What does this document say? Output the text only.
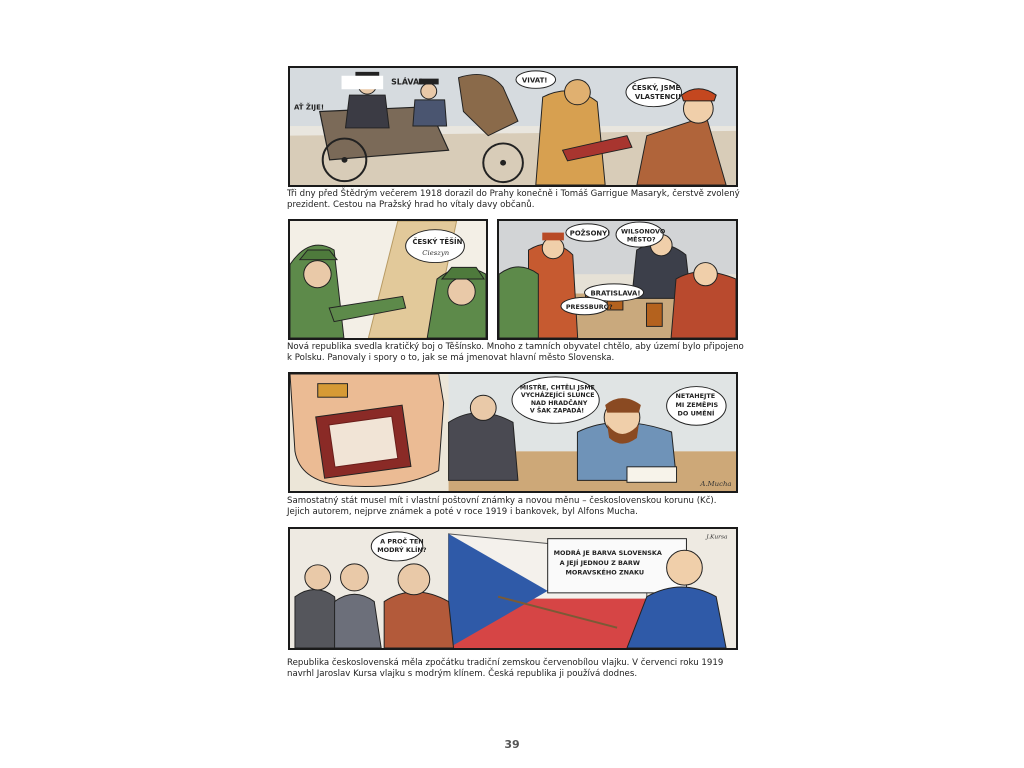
SLÁVA!
AŤ ŽIJE!
VIVAT!
ČESKÝ, JSME
VLASTENCI!
Tři dny před Štědrým večerem 1918 dorazil do Prahy konečně i Tomáš Garrigue Masaryk, čerstvě zvolený
prezident. Cestou na Pražský hrad ho vítaly davy občanů.
ČESKÝ TĚŠÍN
Cieszyn
POŽSONY! WILSONOVO
MĚSTO?
BRATISLAVA!
PRESSBURG?
Nová republika svedla kratičký boj o Těšínsko. Mnoho z tamních obyvatel chtělo, aby území bylo připojeno
k Polsku. Panovaly i spory o to, jak se má jmenovat hlavní město Slovenska.
MISTŘE, CHTĚLI JSME
VYCHÁZEJÍCÍ SLUNCE
NAD HRADČANY
V ŠAK ZAPADÁ!
NETAHEJTE
MI ZEMĚPIS
DO UMĚNÍ
A.Mucha
Samostatný stát musel mít i vlastní poštovní známky a novou měnu – československou korunu (Kč).
Jejich autorem, nejprve známek a poté v roce 1919 i bankovek, byl Alfons Mucha.
A PROČ TEN
MODRÝ KLÍN?	MODRÁ JE BARVA SLOVENSKA
A JEJÍ JEDNOU Z BARW
MORAVSKÉHO ZNAKU
J.Kursa
Republika československá měla zpočátku tradiční zemskou červenobílou vlajku. V červenci roku 1919
navrhl Jaroslav Kursa vlajku s modrým klínem. Česká republika ji používá dodnes.
39
